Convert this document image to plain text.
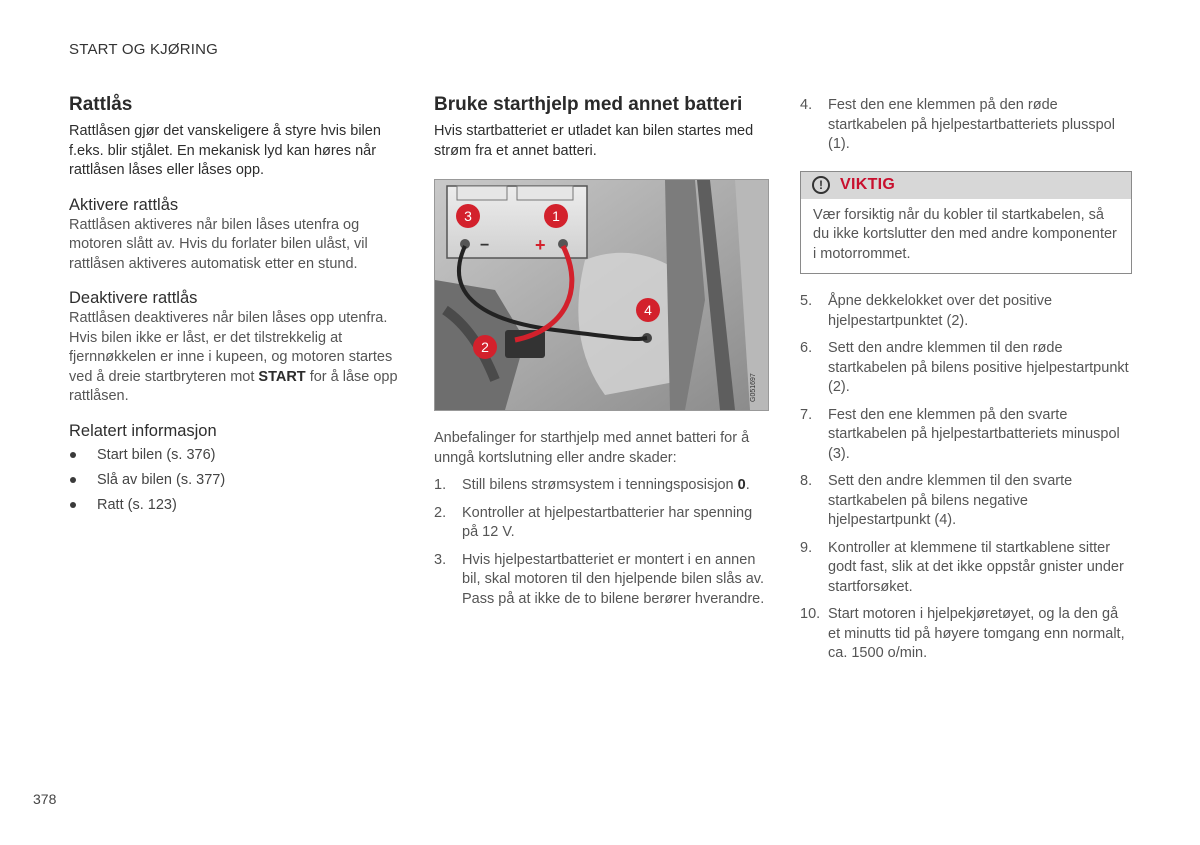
START OG KJØRING
Rattlås

Rattlåsen gjør det vanskeligere å styre hvis bilen f.eks. blir stjålet. En mekanisk lyd kan høres når rattlåsen låses eller låses opp.

Aktivere rattlås

Rattlåsen aktiveres når bilen låses utenfra og motoren slått av. Hvis du forlater bilen ulåst, vil rattlåsen aktiveres automatisk etter en stund.

Deaktivere rattlås

Rattlåsen deaktiveres når bilen låses opp utenfra. Hvis bilen ikke er låst, er det tilstrekkelig at fjernnøkkelen er inne i kupeen, og motoren startes ved å dreie startbryteren mot START for å låse opp rattlåsen.

Relatert informasjon
Start bilen (s. 376)
Slå av bilen (s. 377)
Ratt (s. 123)
Bruke starthjelp med annet batteri

Hvis startbatteriet er utladet kan bilen startes med strøm fra et annet batteri.

−	+
3	1
4
2
G051697

Anbefalinger for starthjelp med annet batteri for å unngå kortslutning eller andre skader:

1.	Still bilens strømsystem i tenningsposisjon 0.
2.	Kontroller at hjelpestartbatterier har spenning på 12 V.
3.	Hvis hjelpestartbatteriet er montert i en annen bil, skal motoren til den hjelpende bilen slås av. Pass på at ikke de to bilene berører hverandre.
4.	Fest den ene klemmen på den røde startkabelen på hjelpestartbatteriets plusspol (1).
!	VIKTIG
Vær forsiktig når du kobler til startkabelen, så du ikke kortslutter den med andre komponenter i motorrommet.
5.	Åpne dekkelokket over det positive hjelpestartpunktet (2).
6.	Sett den andre klemmen til den røde startkabelen på bilens positive hjelpestartpunkt (2).
7.	Fest den ene klemmen på den svarte startkabelen på hjelpestartbatteriets minuspol (3).
8.	Sett den andre klemmen til den svarte startkabelen på bilens negative hjelpestartpunkt (4).
9.	Kontroller at klemmene til startkablene sitter godt fast, slik at det ikke oppstår gnister under startforsøket.
10. Start motoren i hjelpekjøretøyet, og la den gå et minutts tid på høyere tomgang enn normalt, ca. 1500 o/min.
378
